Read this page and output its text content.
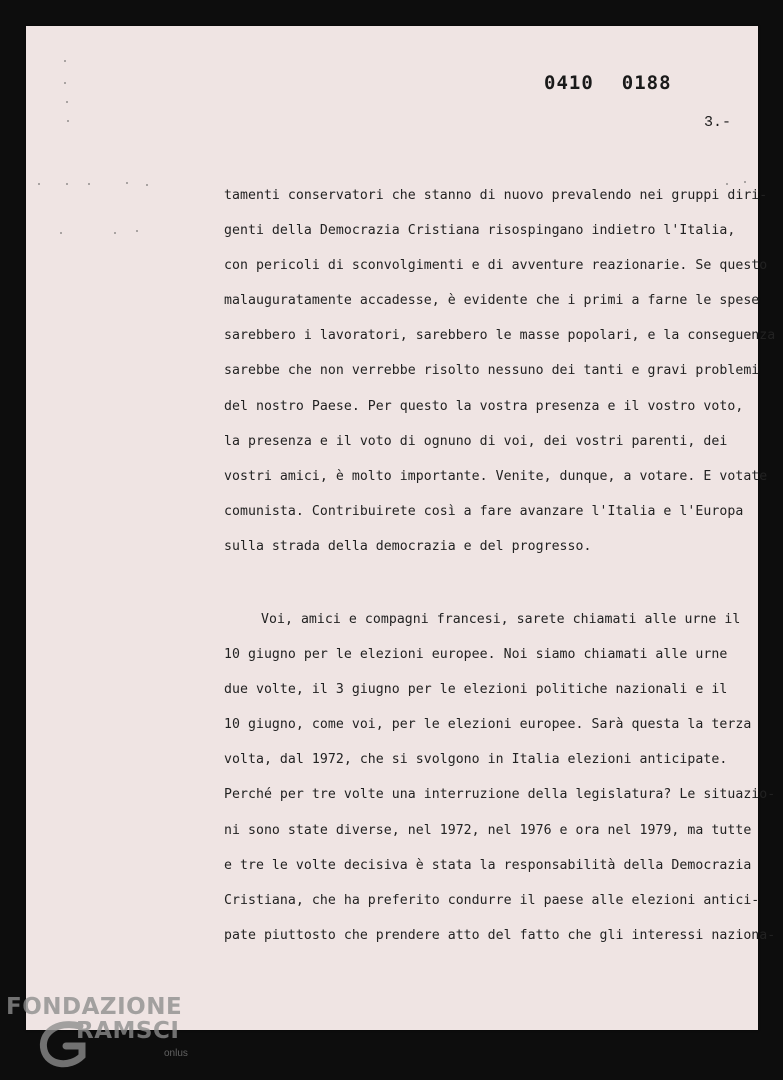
0410 0188
3.-
tamenti conservatori che stanno di nuovo prevalendo nei gruppi diri-
genti della Democrazia Cristiana risospingano indietro l'Italia,
con pericoli di sconvolgimenti e di avventure reazionarie. Se questo
malauguratamente accadesse, è evidente che i primi a farne le spese
sarebbero i lavoratori, sarebbero le masse popolari, e la conseguenza
sarebbe che non verrebbe risolto nessuno dei tanti e gravi problemi
del nostro Paese. Per questo la vostra presenza e il vostro voto,
la presenza e il voto di ognuno di voi, dei vostri parenti, dei
vostri amici, è molto importante. Venite, dunque, a votare. E votate
comunista. Contribuirete così a fare avanzare l'Italia e l'Europa
sulla strada della democrazia e del progresso.
Voi, amici e compagni francesi, sarete chiamati alle urne il
10 giugno per le elezioni europee. Noi siamo chiamati alle urne
due volte, il 3 giugno per le elezioni politiche nazionali e il
10 giugno, come voi, per le elezioni europee. Sarà questa la terza
volta, dal 1972, che si svolgono in Italia elezioni anticipate.
Perché per tre volte una interruzione della legislatura? Le situazio-
ni sono state diverse, nel 1972, nel 1976 e ora nel 1979, ma tutte
e tre le volte decisiva è stata la responsabilità della Democrazia
Cristiana, che ha preferito condurre il paese alle elezioni antici-
pate piuttosto che prendere atto del fatto che gli interessi naziona-
FONDAZIONE
RAMSCI
onlus
